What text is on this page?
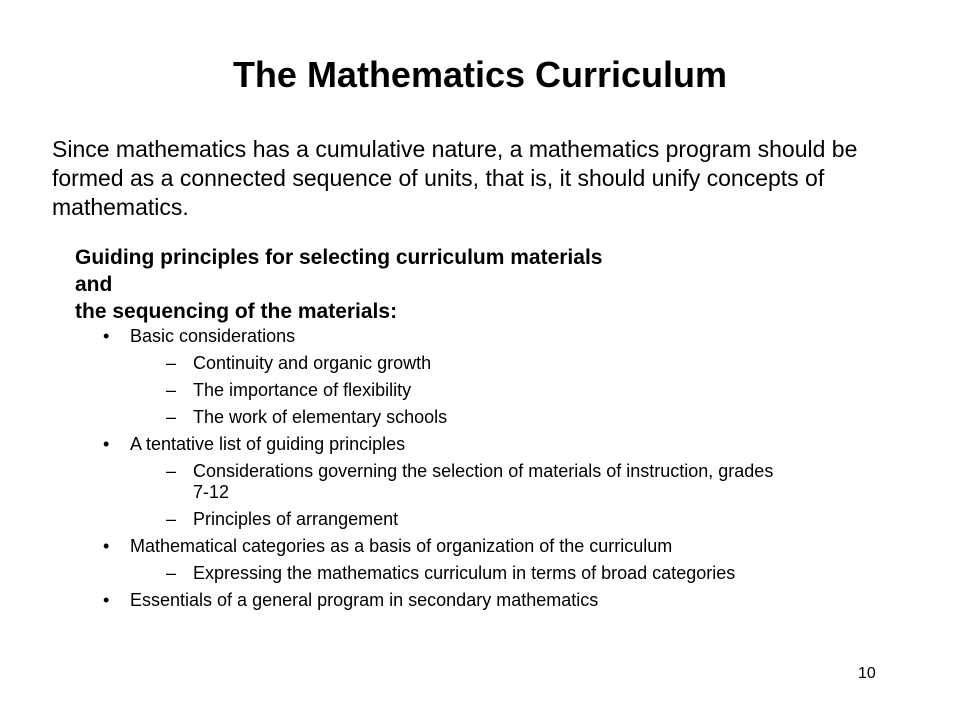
The Mathematics Curriculum

Since mathematics has a cumulative nature, a mathematics program should be formed as a connected sequence of units, that is, it should unify concepts of mathematics.

Guiding principles for selecting curriculum materials
and
the sequencing of the materials:
• Basic considerations
– Continuity and organic growth
– The importance of flexibility
– The work of elementary schools
• A tentative list of guiding principles
– Considerations governing the selection of materials of instruction, grades 7-12
– Principles of arrangement
• Mathematical categories as a basis of organization of the curriculum
– Expressing the mathematics curriculum in terms of broad categories
• Essentials of a general program in secondary mathematics

10
